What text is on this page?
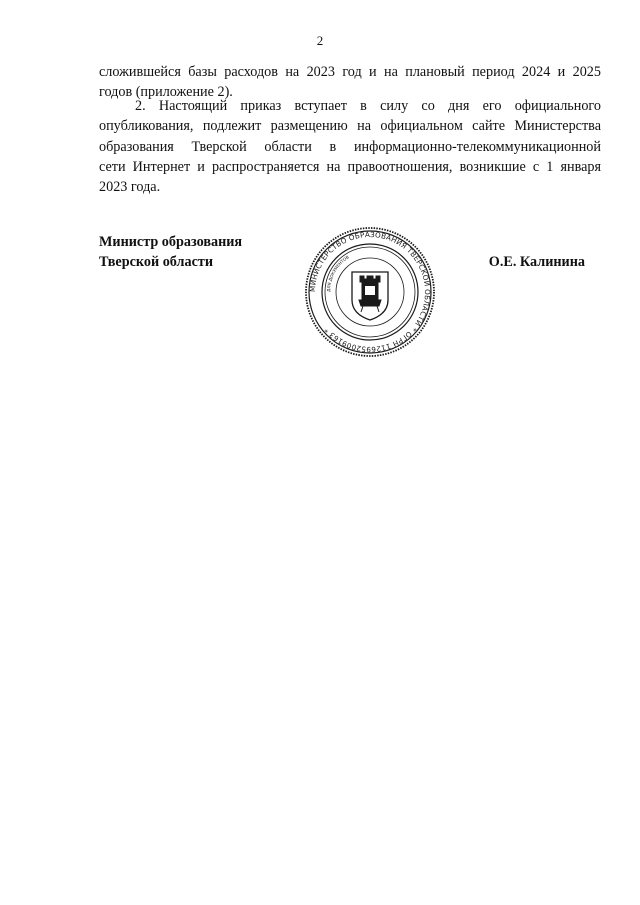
2
сложившейся базы расходов на 2023 год и на плановый период 2024 и 2025
годов (приложение 2).
2. Настоящий приказ вступает в силу со дня его официального
опубликования, подлежит размещению на официальном сайте Министерства
образования Тверской области в информационно-телекоммуникационной
сети Интернет и распространяется на правоотношения, возникшие с 1 января
2023 года.
Министр образования
Тверской области	О.Е. Калинина
МИНИСТЕРСТВО ОБРАЗОВАНИЯ ТВЕРСКОЙ ОБЛАСТИ * ОГРН 1126952009163 *
ДЛЯ ДОКУМЕНТОВ
